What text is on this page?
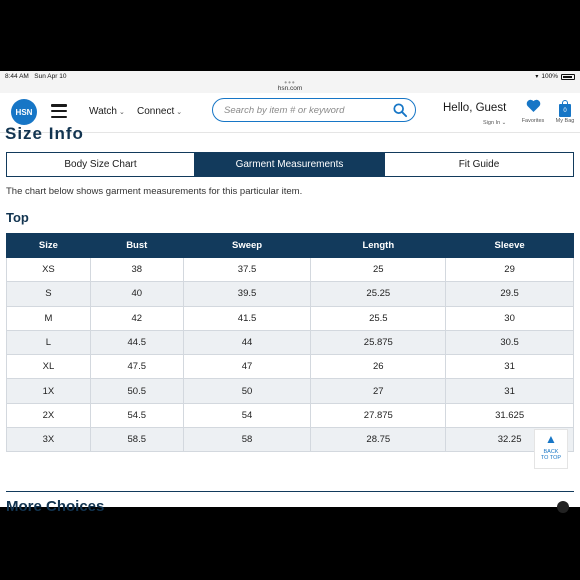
8:44 AM Sun Apr 10	▾ 100%
•••
hsn.com
HSN	Watch ⌄ Connect ⌄	Search by item # or keyword	Hello, Guest
Sign In ⌄	Favorites
0
My Bag
Size Info
Body Size Chart	Garment Measurements	Fit Guide
The chart below shows garment measurements for this particular item.
Top
Size	Bust	Sweep	Length	Sleeve
XS	38	37.5	25	29
S	40	39.5	25.25	29.5
M	42	41.5	25.5	30
L	44.5	44	25.875	30.5
XL	47.5	47	26	31
1X	50.5	50	27	31
2X	54.5	54	27.875	31.625
3X	58.5	58	28.75	32.25	▲
BACK
TO TOP
More Choices
